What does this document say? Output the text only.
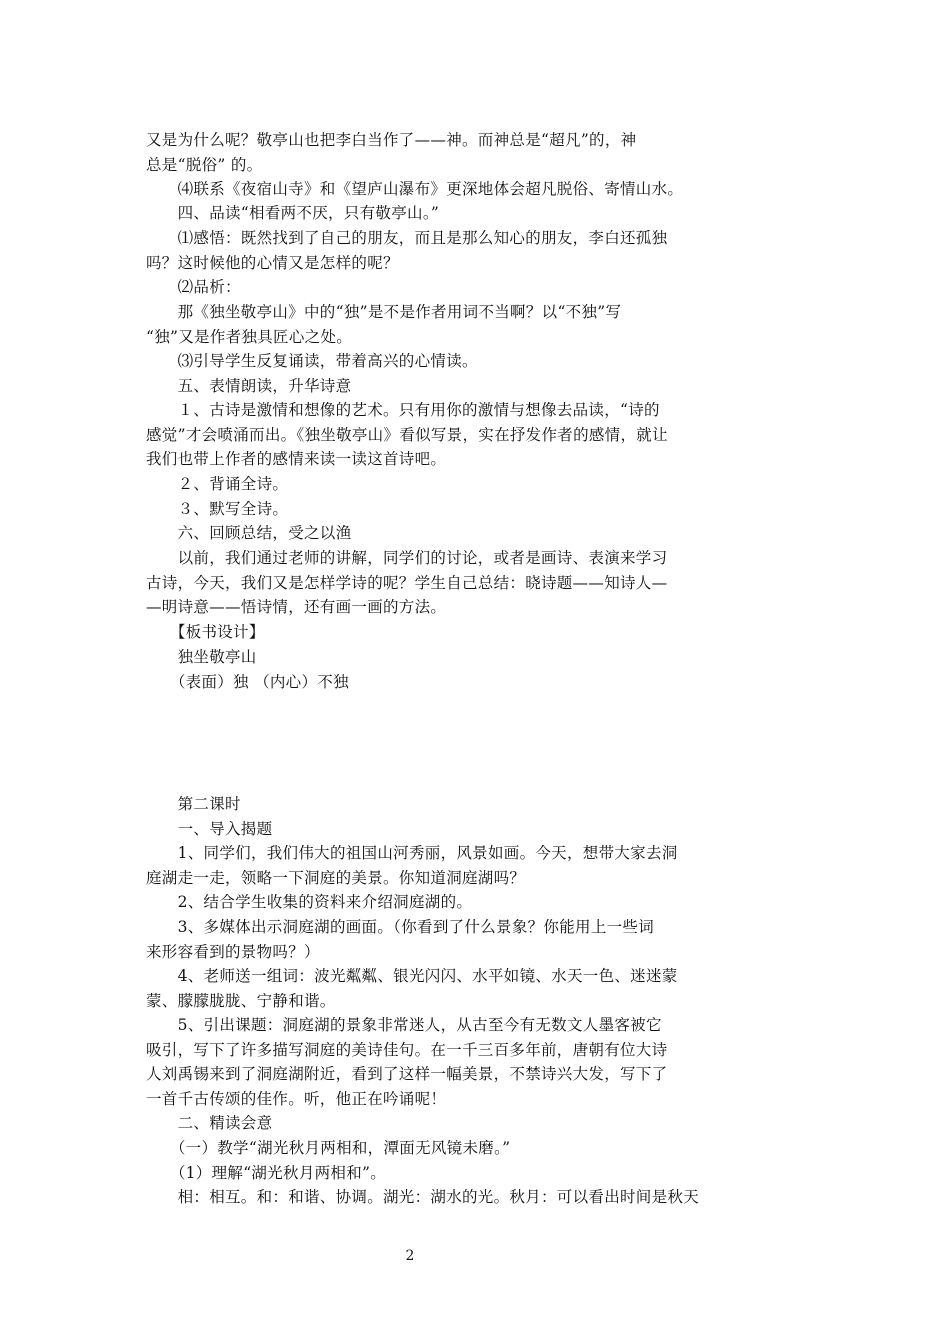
又是为什么呢？敬亭山也把李白当作了——神。而神总是“超凡”的，神
总是“脱俗” 的。
　　⑷联系《夜宿山寺》和《望庐山瀑布》更深地体会超凡脱俗、寄情山水。
　　四、品读“相看两不厌，只有敬亭山。”
　　⑴感悟：既然找到了自己的朋友，而且是那么知心的朋友，李白还孤独
吗？这时候他的心情又是怎样的呢？
　　⑵品析：
　　那《独坐敬亭山》中的“独”是不是作者用词不当啊？以“不独”写
“独”又是作者独具匠心之处。
　　⑶引导学生反复诵读，带着高兴的心情读。
　　五、表情朗读，升华诗意
　　１、古诗是激情和想像的艺术。只有用你的激情与想像去品读，“诗的
感觉”才会喷涌而出。《独坐敬亭山》看似写景，实在抒发作者的感情，就让
我们也带上作者的感情来读一读这首诗吧。
　　２、背诵全诗。
　　３、默写全诗。
　　六、回顾总结，受之以渔
　　以前，我们通过老师的讲解，同学们的讨论，或者是画诗、表演来学习
古诗，今天，我们又是怎样学诗的呢？学生自己总结：晓诗题——知诗人—
—明诗意——悟诗情，还有画一画的方法。
　　【板书设计】
　　独坐敬亭山
　　（表面）独 （内心）不独
　　第二课时
　　一、导入揭题
　　1、同学们，我们伟大的祖国山河秀丽，风景如画。今天，想带大家去洞
庭湖走一走，领略一下洞庭的美景。你知道洞庭湖吗？
　　2、结合学生收集的资料来介绍洞庭湖的。
　　3、多媒体出示洞庭湖的画面。（你看到了什么景象？你能用上一些词
来形容看到的景物吗？）
　　4、老师送一组词：波光粼粼、银光闪闪、水平如镜、水天一色、迷迷蒙
蒙、朦朦胧胧、宁静和谐。
　　5、引出课题：洞庭湖的景象非常迷人，从古至今有无数文人墨客被它
吸引，写下了许多描写洞庭的美诗佳句。在一千三百多年前，唐朝有位大诗
人刘禹锡来到了洞庭湖附近，看到了这样一幅美景，不禁诗兴大发，写下了
一首千古传颂的佳作。听，他正在吟诵呢！
　　二、精读会意
　　（一）教学“湖光秋月两相和，潭面无风镜未磨。”
　　（1）理解“湖光秋月两相和”。
　　相：相互。和：和谐、协调。湖光：湖水的光。秋月：可以看出时间是秋天
2
